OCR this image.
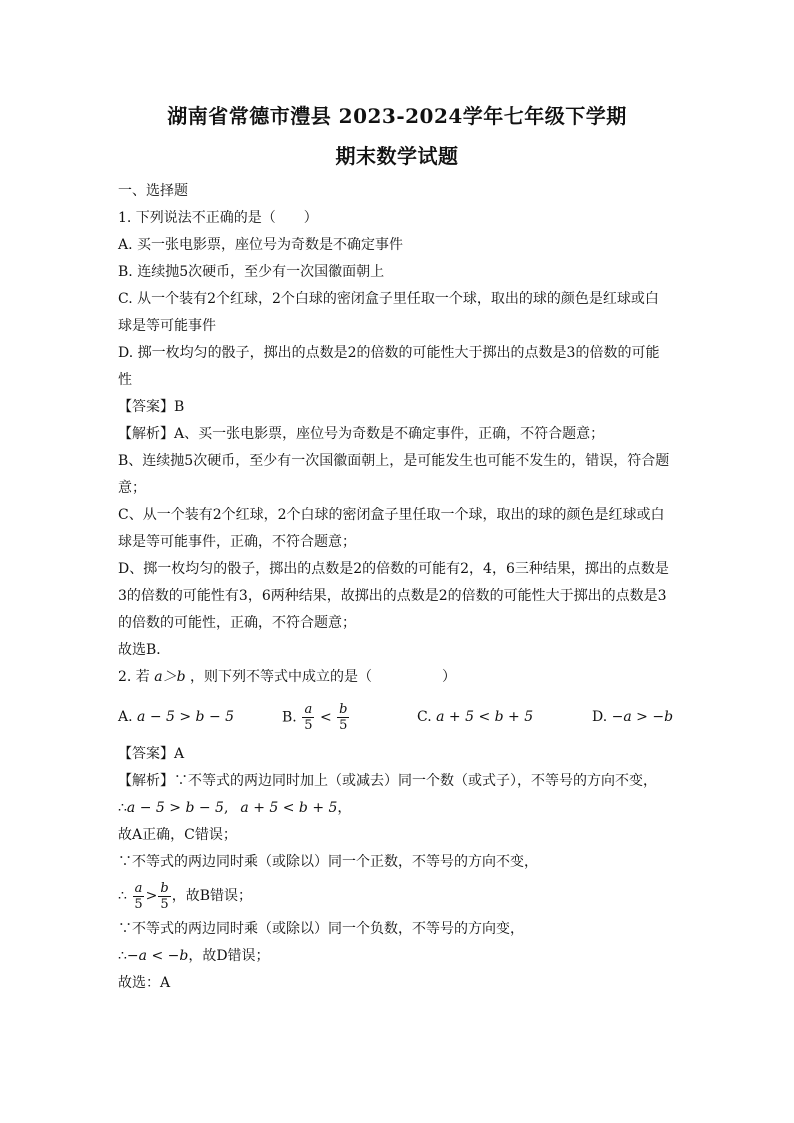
湖南省常德市澧县 2023-2024学年七年级下学期
期末数学试题
一、选择题
1. 下列说法不正确的是（　　）
A. 买一张电影票，座位号为奇数是不确定事件
B. 连续抛5次硬币，至少有一次国徽面朝上
C. 从一个装有2个红球，2个白球的密闭盒子里任取一个球，取出的球的颜色是红球或白
球是等可能事件
D. 掷一枚均匀的骰子，掷出的点数是2的倍数的可能性大于掷出的点数是3的倍数的可能
性
【答案】B
【解析】A、买一张电影票，座位号为奇数是不确定事件，正确，不符合题意；
B、连续抛5次硬币，至少有一次国徽面朝上，是可能发生也可能不发生的，错误，符合题
意；
C、从一个装有2个红球，2个白球的密闭盒子里任取一个球，取出的球的颜色是红球或白
球是等可能事件，正确，不符合题意；
D、掷一枚均匀的骰子，掷出的点数是2的倍数的可能有2，4，6三种结果，掷出的点数是
3的倍数的可能性有3，6两种结果，故掷出的点数是2的倍数的可能性大于掷出的点数是3
的倍数的可能性，正确，不符合题意；
故选B．
2. 若 a＞b ，则下列不等式中成立的是（　　　　　）
A. a − 5 > b − 5	B. $\frac{a}{5} < \frac{b}{5}$	C. a + 5 < b + 5	D. −a > −b
【答案】A
【解析】∵不等式的两边同时加上（或减去）同一个数（或式子），不等号的方向不变，
∴a − 5 > b − 5, a + 5 < b + 5，
故A正确，C错误；
∵不等式的两边同时乘（或除以）同一个正数，不等号的方向不变，
∴ $\frac{a}{5} > \frac{b}{5}$ ，故B错误；
∵不等式的两边同时乘（或除以）同一个负数，不等号的方向变，
∴−a < −b，故D错误；
故选：A
